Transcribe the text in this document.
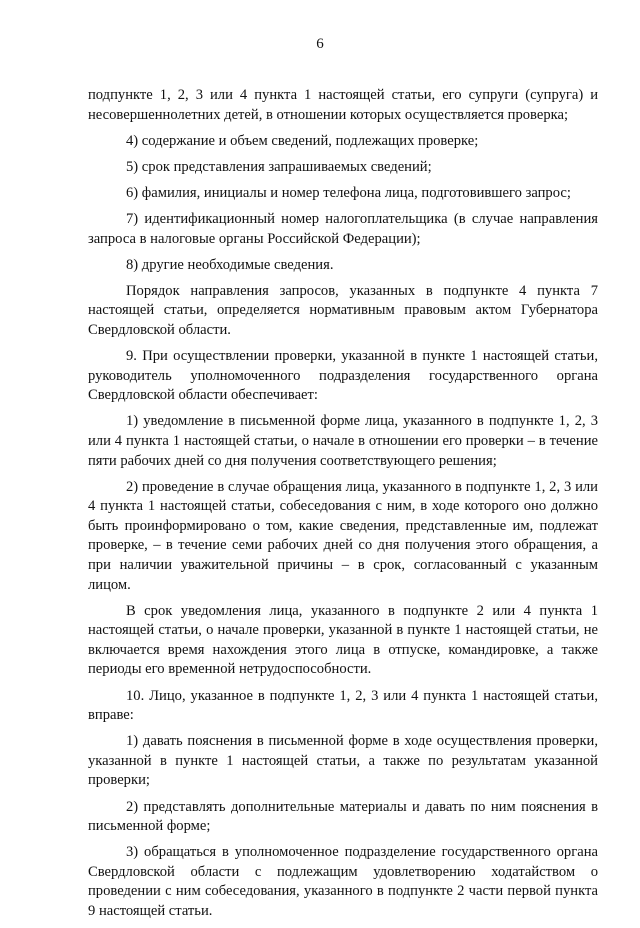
6

подпункте 1, 2, 3 или 4 пункта 1 настоящей статьи, его супруги (супруга) и несовершеннолетних детей, в отношении которых осуществляется проверка;

4) содержание и объем сведений, подлежащих проверке;

5) срок представления запрашиваемых сведений;

6) фамилия, инициалы и номер телефона лица, подготовившего запрос;

7) идентификационный номер налогоплательщика (в случае направления запроса в налоговые органы Российской Федерации);

8) другие необходимые сведения.

Порядок направления запросов, указанных в подпункте 4 пункта 7 настоящей статьи, определяется нормативным правовым актом Губернатора Свердловской области.

9. При осуществлении проверки, указанной в пункте 1 настоящей статьи, руководитель уполномоченного подразделения государственного органа Свердловской области обеспечивает:

1) уведомление в письменной форме лица, указанного в подпункте 1, 2, 3 или 4 пункта 1 настоящей статьи, о начале в отношении его проверки – в течение пяти рабочих дней со дня получения соответствующего решения;

2) проведение в случае обращения лица, указанного в подпункте 1, 2, 3 или 4 пункта 1 настоящей статьи, собеседования с ним, в ходе которого оно должно быть проинформировано о том, какие сведения, представленные им, подлежат проверке, – в течение семи рабочих дней со дня получения этого обращения, а при наличии уважительной причины – в срок, согласованный с указанным лицом.

В срок уведомления лица, указанного в подпункте 2 или 4 пункта 1 настоящей статьи, о начале проверки, указанной в пункте 1 настоящей статьи, не включается время нахождения этого лица в отпуске, командировке, а также периоды его временной нетрудоспособности.

10. Лицо, указанное в подпункте 1, 2, 3 или 4 пункта 1 настоящей статьи, вправе:

1) давать пояснения в письменной форме в ходе осуществления проверки, указанной в пункте 1 настоящей статьи, а также по результатам указанной проверки;

2) представлять дополнительные материалы и давать по ним пояснения в письменной форме;

3) обращаться в уполномоченное подразделение государственного органа Свердловской области с подлежащим удовлетворению ходатайством о проведении с ним собеседования, указанного в подпункте 2 части первой пункта 9 настоящей статьи.
